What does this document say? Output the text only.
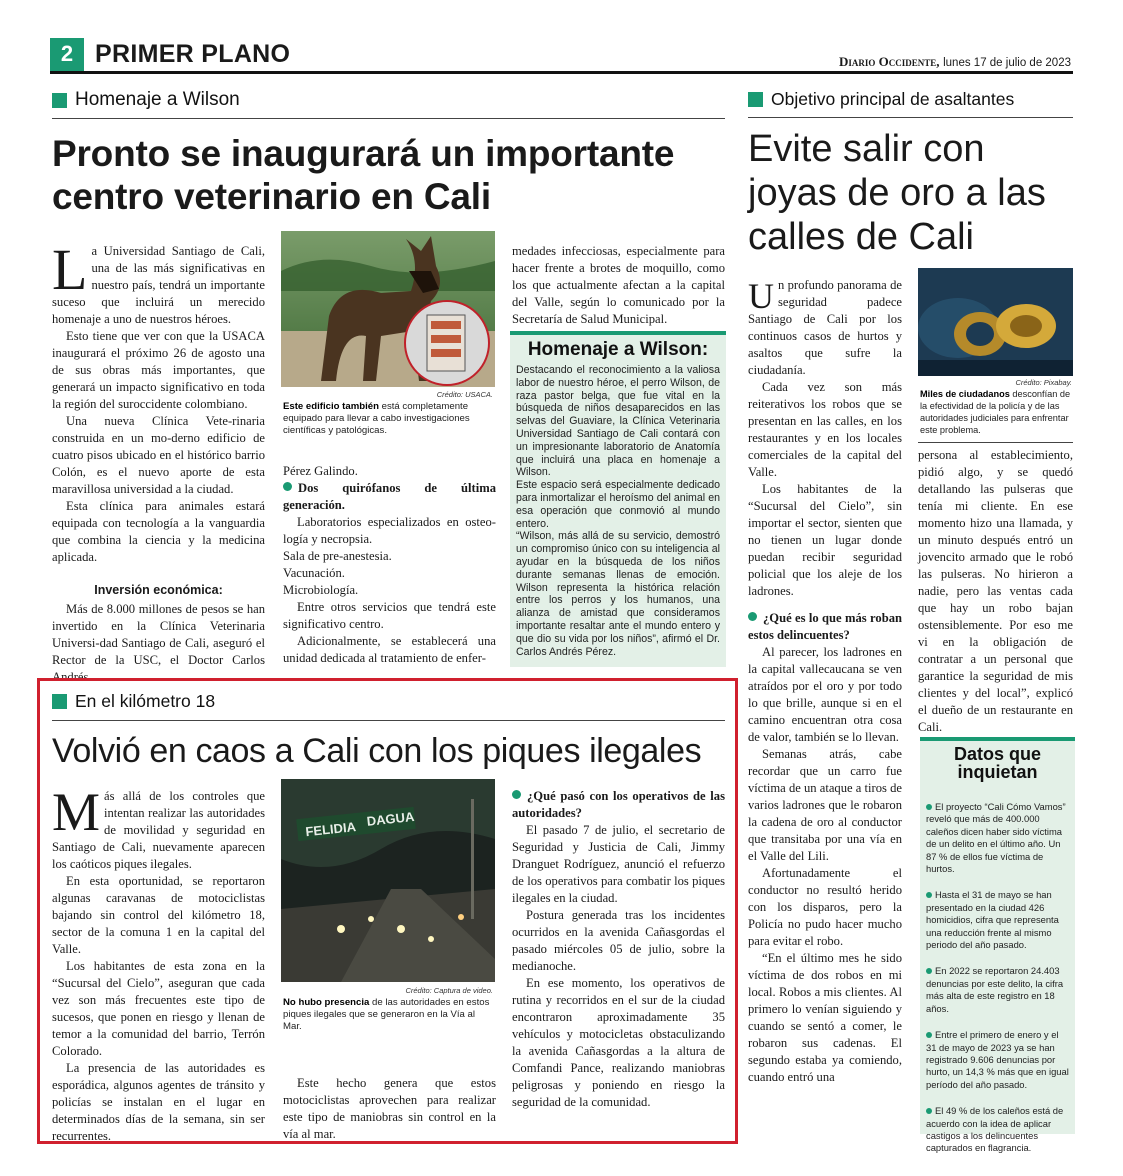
2 PRIMER PLANO	Diario Occidente, lunes 17 de julio de 2023
Homenaje a Wilson
Pronto se inaugurará un importante centro veterinario en Cali

La Universidad Santiago de Cali, una de las más significativas en nuestro país, tendrá un importante suceso que incluirá un merecido homenaje a uno de nuestros héroes.

Esto tiene que ver con que la USACA inaugurará el próximo 26 de agosto una de sus obras más importantes, que generará un impacto significativo en toda la región del suroccidente colombiano.

Una nueva Clínica Vete-rinaria construida en un mo-derno edificio de cuatro pisos ubicado en el histórico barrio Colón, es el nuevo aporte de esta maravillosa universidad a la ciudad.

Esta clínica para animales estará equipada con tecnología a la vanguardia que combina la ciencia y la medicina aplicada.

Inversión económica:

Más de 8.000 millones de pesos se han invertido en la Clínica Veterinaria Universi-dad Santiago de Cali, aseguró el Rector de la USC, el Doctor Carlos Andrés

Crédito: USACA.
Este edificio también está completamente equipado para llevar a cabo investigaciones científicas y patológicas.

Pérez Galindo.

Dos quirófanos de última generación.

Laboratorios especializados en osteo-logía y necropsia.

Sala de pre-anestesia.

Vacunación.

Microbiología.

Entre otros servicios que tendrá este significativo centro.

Adicionalmente, se establecerá una unidad dedicada al tratamiento de enfer-

medades infecciosas, especialmente para hacer frente a brotes de moquillo, como los que actualmente afectan a la capital del Valle, según lo comunicado por la Secretaría de Salud Municipal.

Homenaje a Wilson:

Destacando el reconocimiento a la valiosa labor de nuestro héroe, el perro Wilson, de raza pastor belga, que fue vital en la búsqueda de niños desaparecidos en las selvas del Guaviare, la Clínica Veterinaria Universidad Santiago de Cali contará con un impresionante laboratorio de Anatomía que incluirá una placa en homenaje a Wilson.

Este espacio será especialmente dedicado para inmortalizar el heroísmo del animal en esa operación que conmovió al mundo entero.

“Wilson, más allá de su servicio, demostró un compromiso único con su inteligencia al ayudar en la búsqueda de los niños durante semanas llenas de emoción. Wilson representa la histórica relación entre los perros y los humanos, una alianza de amistad que consideramos importante resaltar ante el mundo entero y que dio su vida por los niños”, afirmó el Dr. Carlos Andrés Pérez.

Objetivo principal de asaltantes
Evite salir con joyas de oro a las calles de Cali

Un profundo panorama de seguridad padece Santiago de Cali por los continuos casos de hurtos y asaltos que sufre la ciudadanía.

Cada vez son más reiterativos los robos que se presentan en las calles, en los restaurantes y en los locales comerciales de la capital del Valle.

Los habitantes de la “Sucursal del Cielo”, sin importar el sector, sienten que no tienen un lugar donde puedan recibir seguridad policial que los aleje de los ladrones.

¿Qué es lo que más roban estos delincuentes?

Al parecer, los ladrones en la capital vallecaucana se ven atraídos por el oro y por todo lo que brille, aunque si en el camino encuentran otra cosa de valor, también se lo llevan.

Semanas atrás, cabe recordar que un carro fue víctima de un ataque a tiros de varios ladrones que le robaron la cadena de oro al conductor que transitaba por una vía en el Valle del Lili.

Afortunadamente el conductor no resultó herido con los disparos, pero la Policía no pudo hacer mucho para evitar el robo.

“En el último mes he sido víctima de dos robos en mi local. Robos a mis clientes. Al primero lo venían siguiendo y cuando se sentó a comer, le robaron sus cadenas. El segundo estaba ya comiendo, cuando entró una

Crédito: Pixabay.
Miles de ciudadanos desconfían de la efectividad de la policía y de las autoridades judiciales para enfrentar este problema.

persona al establecimiento, pidió algo, y se quedó detallando las pulseras que tenía mi cliente. En ese momento hizo una llamada, y un minuto después entró un jovencito armado que le robó las pulseras. No hirieron a nadie, pero las ventas cada que hay un robo bajan ostensiblemente. Por eso me vi en la obligación de contratar a un personal que garantice la seguridad de mis clientes y del local”, explicó el dueño de un restaurante en Cali.

Datos que inquietan
El proyecto “Cali Cómo Vamos” reveló que más de 400.000 caleños dicen haber sido víctima de un delito en el último año. Un 87 % de ellos fue víctima de hurtos.
Hasta el 31 de mayo se han presentado en la ciudad 426 homicidios, cifra que representa una reducción frente al mismo periodo del año pasado.
En 2022 se reportaron 24.403 denuncias por este delito, la cifra más alta de este registro en 18 años.
Entre el primero de enero y el 31 de mayo de 2023 ya se han registrado 9.606 denuncias por hurto, un 14,3 % más que en igual período del año pasado.
El 49 % de los caleños está de acuerdo con la idea de aplicar castigos a los delincuentes capturados en flagrancia.
En el kilómetro 18
Volvió en caos a Cali con los piques ilegales

Más allá de los controles que intentan realizar las autoridades de movilidad y seguridad en Santiago de Cali, nuevamente aparecen los caóticos piques ilegales.

En esta oportunidad, se reportaron algunas caravanas de motociclistas bajando sin control del kilómetro 18, sector de la comuna 1 en la capital del Valle.

Los habitantes de esta zona en la “Sucursal del Cielo”, aseguran que cada vez son más frecuentes este tipo de sucesos, que ponen en riesgo y llenan de temor a la comunidad del barrio, Terrón Colorado.

La presencia de las autoridades es esporádica, algunos agentes de tránsito y policías se instalan en el lugar en determinados días de la semana, sin ser recurrentes.

FELIDIA
DAGUA
Crédito: Captura de video.
No hubo presencia de las autoridades en estos piques ilegales que se generaron en la Vía al Mar.

Este hecho genera que estos motociclistas aprovechen para realizar este tipo de maniobras sin control en la vía al mar.

¿Qué pasó con los operativos de las autoridades?

El pasado 7 de julio, el secretario de Seguridad y Justicia de Cali, Jimmy Dranguet Rodríguez, anunció el refuerzo de los operativos para combatir los piques ilegales en la ciudad.

Postura generada tras los incidentes ocurridos en la avenida Cañasgordas el pasado miércoles 05 de julio, sobre la medianoche.

En ese momento, los operativos de rutina y recorridos en el sur de la ciudad encontraron aproximadamente 35 vehículos y motocicletas obstaculizando la avenida Cañasgordas a la altura de Comfandi Pance, realizando maniobras peligrosas y poniendo en riesgo la seguridad de la comunidad.
